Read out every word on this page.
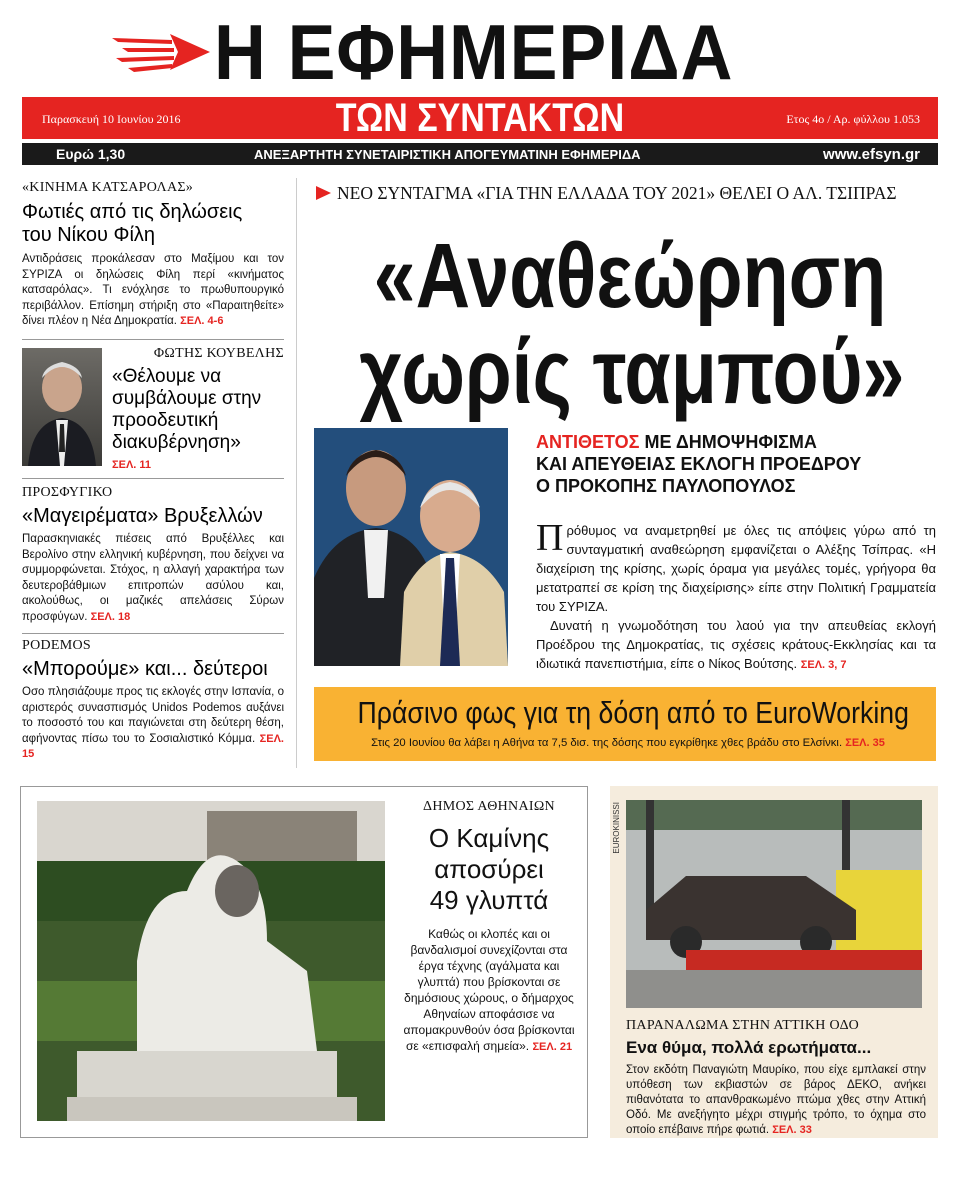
Η ΕΦΗΜΕΡΙΔΑ
Παρασκευή 10 Ιουνίου 2016	ΤΩΝ ΣΥΝΤΑΚΤΩΝ	Ετος 4ο / Αρ. φύλλου 1.053
Ευρώ 1,30	ΑΝΕΞΑΡΤΗΤΗ ΣΥΝΕΤΑΙΡΙΣΤΙΚΗ ΑΠΟΓΕΥΜΑΤΙΝΗ ΕΦΗΜΕΡΙΔΑ	www.efsyn.gr
«ΚΙΝΗΜΑ ΚΑΤΣΑΡΟΛΑΣ»
Φωτιές από τις δηλώσεις
του Νίκου Φίλη
Αντιδράσεις προκάλεσαν στο Μαξίμου και τον ΣΥΡΙΖΑ οι δηλώσεις Φίλη περί «κινήματος κατσαρόλας». Τι ενόχλησε το πρωθυπουργικό περιβάλλον. Επίσημη στήριξη στο «Παραιτηθείτε» δίνει πλέον η Νέα Δημοκρατία. ΣΕΛ. 4-6
ΦΩΤΗΣ ΚΟΥΒΕΛΗΣ
«Θέλουμε να
συμβάλουμε στην
προοδευτική
διακυβέρνηση»
ΣΕΛ. 11
ΠΡΟΣΦΥΓΙΚΟ
«Μαγειρέματα» Βρυξελλών
Παρασκηνιακές πιέσεις από Βρυξέλλες και Βερολίνο στην ελληνική κυβέρνηση, που δείχνει να συμμορφώνεται. Στόχος, η αλλαγή χαρακτήρα των δευτεροβάθμιων επιτροπών ασύλου και, ακολούθως, οι μαζικές απελάσεις Σύρων προσφύγων. ΣΕΛ. 18
PODEMOS
«Μπορούμε» και... δεύτεροι
Οσο πλησιάζουμε προς τις εκλογές στην Ισπανία, ο αριστερός συνασπισμός Unidos Podemos αυξάνει το ποσοστό του και παγιώνεται στη δεύτερη θέση, αφήνοντας πίσω του το Σοσιαλιστικό Κόμμα. ΣΕΛ. 15
ΝΕΟ ΣΥΝΤΑΓΜΑ «ΓΙΑ ΤΗΝ ΕΛΛΑΔΑ ΤΟΥ 2021» ΘΕΛΕΙ Ο ΑΛ. ΤΣΙΠΡΑΣ
«Αναθεώρηση
χωρίς ταμπού»
ΑΝΤΙΘΕΤΟΣ ΜΕ ΔΗΜΟΨΗΦΙΣΜΑ
ΚΑΙ ΑΠΕΥΘΕΙΑΣ ΕΚΛΟΓΗ ΠΡΟΕΔΡΟΥ
Ο ΠΡΟΚΟΠΗΣ ΠΑΥΛΟΠΟΥΛΟΣ

Πρόθυμος να αναμετρηθεί με όλες τις απόψεις γύρω από τη συνταγματική αναθεώρηση εμφανίζεται ο Αλέξης Τσίπρας. «Η διαχείριση της κρίσης, χωρίς όραμα για μεγάλες τομές, γρήγορα θα μετατραπεί σε κρίση της διαχείρισης» είπε στην Πολιτική Γραμματεία του ΣΥΡΙΖΑ.

Δυνατή η γνωμοδότηση του λαού για την απευθείας εκλογή Προέδρου της Δημοκρατίας, τις σχέσεις κράτους-Εκκλησίας και τα ιδιωτικά πανεπιστήμια, είπε ο Νίκος Βούτσης. ΣΕΛ. 3, 7

Πράσινο φως για τη δόση από το EuroWorking
Στις 20 Ιουνίου θα λάβει η Αθήνα τα 7,5 δισ. της δόσης που εγκρίθηκε χθες βράδυ στο Ελσίνκι. ΣΕΛ. 35
ΔΗΜΟΣ ΑΘΗΝΑΙΩΝ
Ο Καμίνης
αποσύρει
49 γλυπτά
Καθώς οι κλοπές και οι βανδαλισμοί συνεχίζονται στα έργα τέχνης (αγάλματα και γλυπτά) που βρίσκονται σε δημόσιους χώρους, ο δήμαρχος Αθηναίων αποφάσισε να απομακρυνθούν όσα βρίσκονται σε «επισφαλή σημεία». ΣΕΛ. 21
EUROKINISSI
ΠΑΡΑΝΑΛΩΜΑ ΣΤΗΝ ΑΤΤΙΚΗ ΟΔΟ
Ενα θύμα, πολλά ερωτήματα...
Στον εκδότη Παναγιώτη Μαυρίκο, που είχε εμπλακεί στην υπόθεση των εκβιαστών σε βάρος ΔΕΚΟ, ανήκει πιθανότατα το απανθρακωμένο πτώμα χθες στην Αττική Οδό. Με ανεξήγητο μέχρι στιγμής τρόπο, το όχημα στο οποίο επέβαινε πήρε φωτιά. ΣΕΛ. 33
